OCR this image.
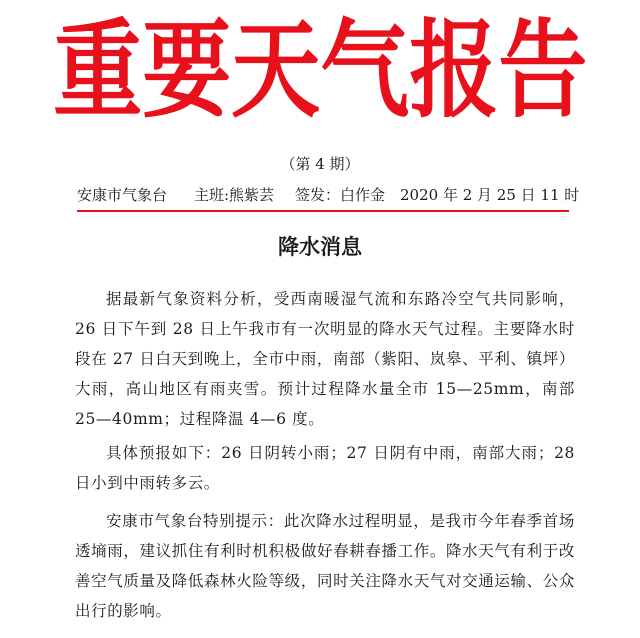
重要天气报告
（第 4 期）
安康市气象台 主班:熊紫芸 签发：白作金 2020 年 2 月 25 日 11 时
降水消息

据最新气象资料分析，受西南暖湿气流和东路冷空气共同影响，26 日下午到 28 日上午我市有一次明显的降水天气过程。主要降水时段在 27 日白天到晚上，全市中雨，南部（紫阳、岚皋、平利、镇坪）大雨，高山地区有雨夹雪。预计过程降水量全市 15—25mm，南部 25—40mm；过程降温 4—6 度。

具体预报如下：26 日阴转小雨；27 日阴有中雨，南部大雨；28 日小到中雨转多云。

安康市气象台特别提示：此次降水过程明显，是我市今年春季首场透墒雨，建议抓住有利时机积极做好春耕春播工作。降水天气有利于改善空气质量及降低森林火险等级，同时关注降水天气对交通运输、公众出行的影响。
